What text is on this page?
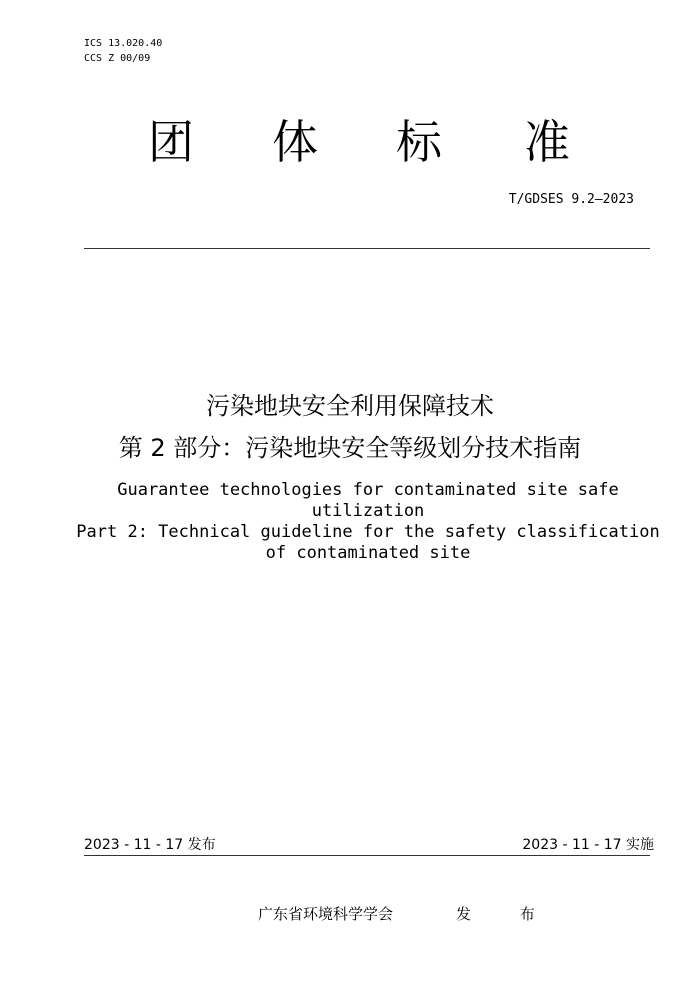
ICS 13.020.40
CCS Z 00/09
团 体 标 准
T/GDSES 9.2—2023
污染地块安全利用保障技术
第 2 部分：污染地块安全等级划分技术指南
Guarantee technologies for contaminated site safe
utilization
Part 2: Technical guideline for the safety classification
of contaminated site
2023 - 11 - 17 发布	2023 - 11 - 17 实施
广东省环境科学学会	发 布
